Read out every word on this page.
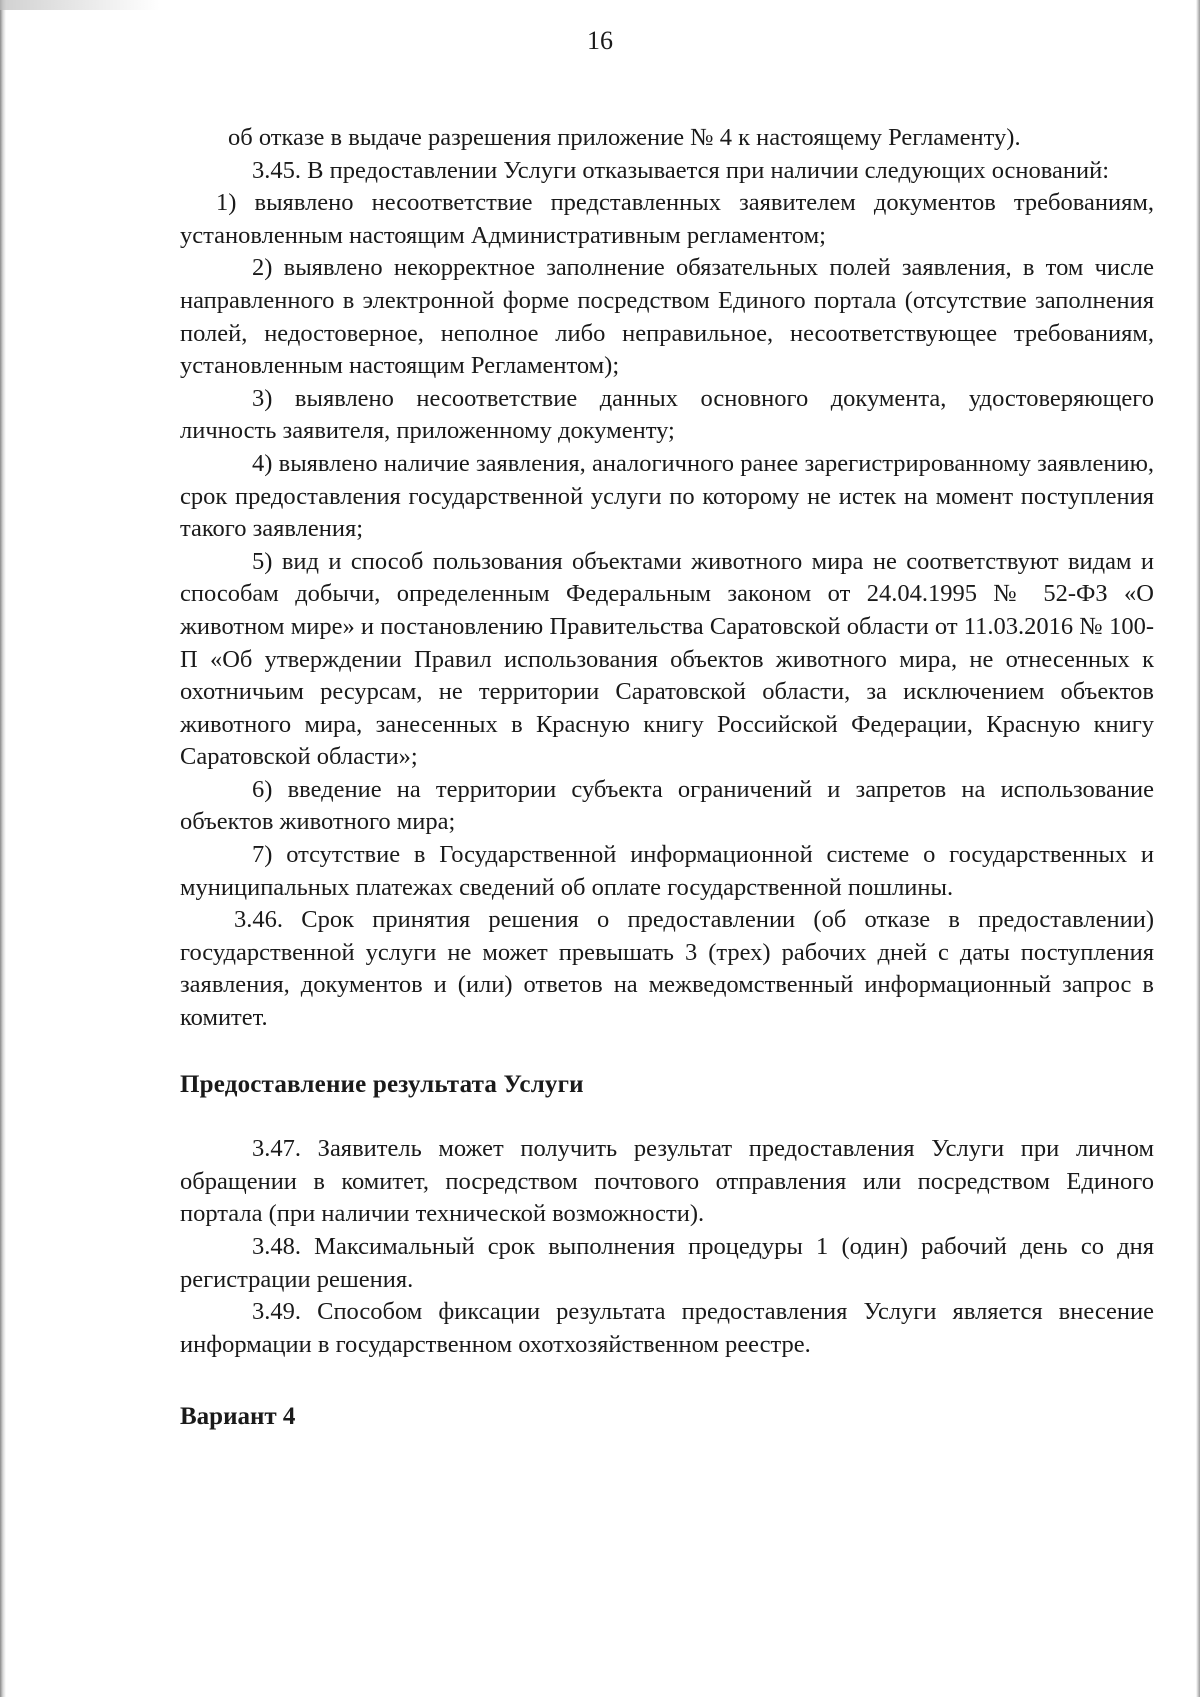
16

об отказе в выдаче разрешения приложение № 4 к настоящему Регламенту).

3.45. В предоставлении Услуги отказывается при наличии следующих оснований:

1) выявлено несоответствие представленных заявителем документов требованиям, установленным настоящим Административным регламентом;

2) выявлено некорректное заполнение обязательных полей заявления, в том числе направленного в электронной форме посредством Единого портала (отсутствие заполнения полей, недостоверное, неполное либо неправильное, несоответствующее требованиям, установленным настоящим Регламентом);

3) выявлено несоответствие данных основного документа, удостоверяющего личность заявителя, приложенному документу;

4) выявлено наличие заявления, аналогичного ранее зарегистрированному заявлению, срок предоставления государственной услуги по которому не истек на момент поступления такого заявления;

5) вид и способ пользования объектами животного мира не соответствуют видам и способам добычи, определенным Федеральным законом от 24.04.1995 № 52-ФЗ «О животном мире» и постановлению Правительства Саратовской области от 11.03.2016 № 100-П «Об утверждении Правил использования объектов животного мира, не отнесенных к охотничьим ресурсам, не территории Саратовской области, за исключением объектов животного мира, занесенных в Красную книгу Российской Федерации, Красную книгу Саратовской области»;

6) введение на территории субъекта ограничений и запретов на использование объектов животного мира;

7) отсутствие в Государственной информационной системе о государственных и муниципальных платежах сведений об оплате государственной пошлины.

3.46. Срок принятия решения о предоставлении (об отказе в предоставлении) государственной услуги не может превышать 3 (трех) рабочих дней с даты поступления заявления, документов и (или) ответов на межведомственный информационный запрос в комитет.

Предоставление результата Услуги

3.47. Заявитель может получить результат предоставления Услуги при личном обращении в комитет, посредством почтового отправления или посредством Единого портала (при наличии технической возможности).

3.48. Максимальный срок выполнения процедуры 1 (один) рабочий день со дня регистрации решения.

3.49. Способом фиксации результата предоставления Услуги является внесение информации в государственном охотхозяйственном реестре.

Вариант 4
